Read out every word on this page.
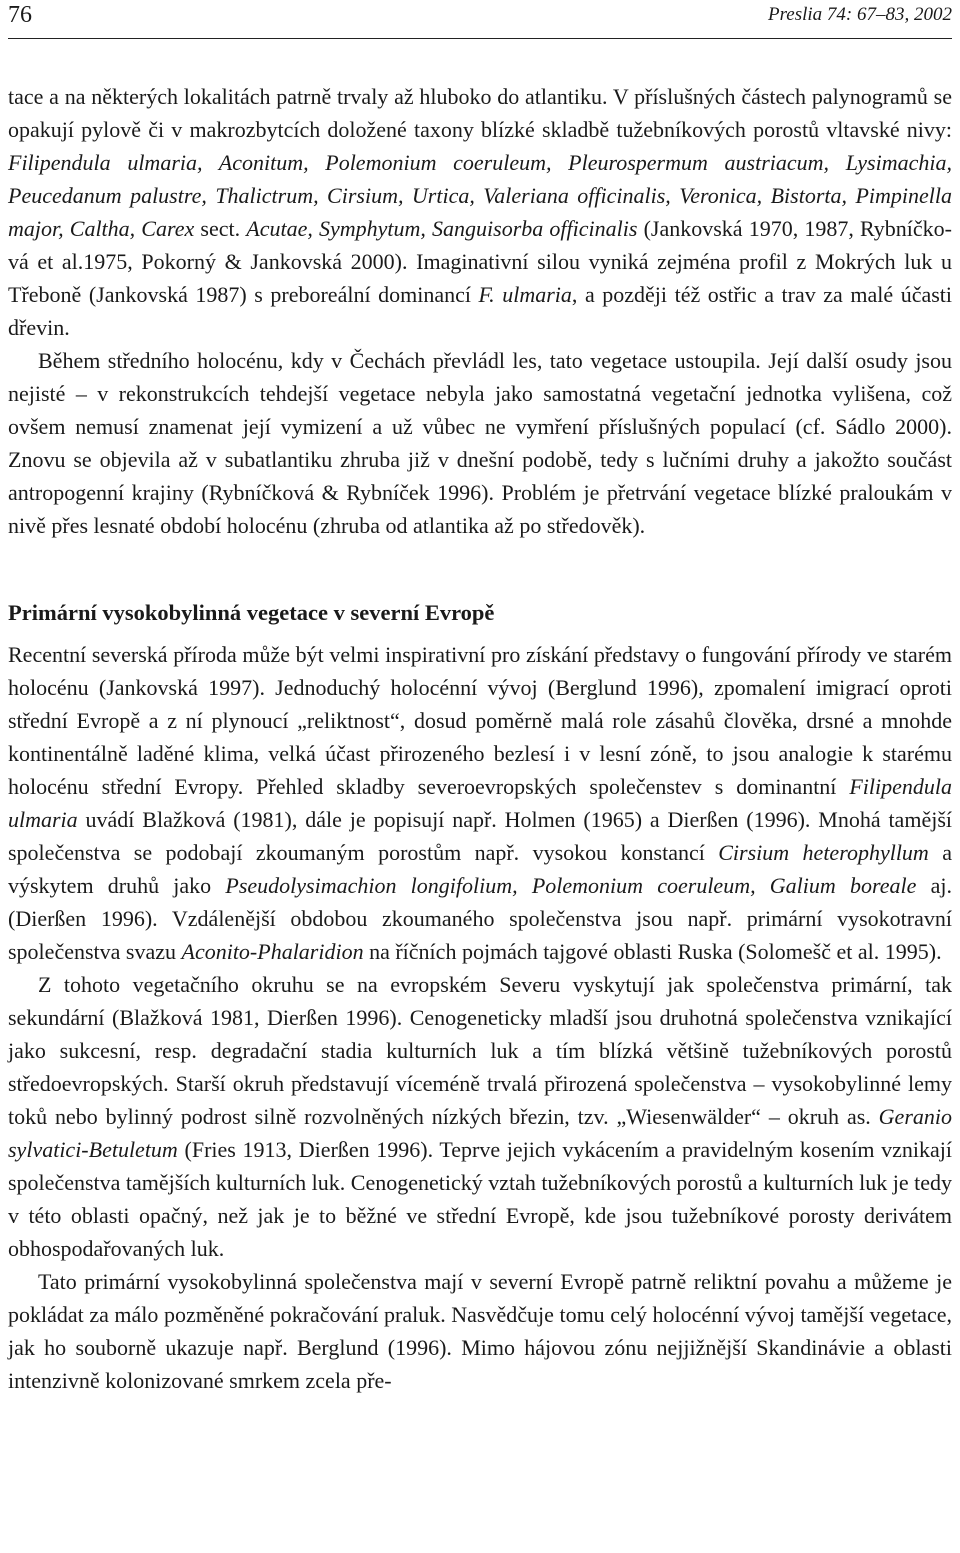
76	Preslia 74: 67–83, 2002

tace a na některých lokalitách patrně trvaly až hluboko do atlantiku. V příslušných částech palynogramů se opakují pylově či v makrozbytcích doložené taxony blízké skladbě tužebníkových porostů vltavské nivy: Filipendula ulmaria, Aconitum, Polemonium coeruleum, Pleurospermum austriacum, Lysimachia, Peucedanum palustre, Thalictrum, Cirsium, Urtica, Valeriana officinalis, Veronica, Bistorta, Pimpinella major, Caltha, Carex sect. Acutae, Symphytum, Sanguisorba officinalis (Jankovská 1970, 1987, Rybníčková et al.1975, Pokorný & Jankovská 2000). Imaginativní silou vyniká zejména profil z Mokrých luk u Třeboně (Jankovská 1987) s preboreální dominancí F. ulmaria, a později též ostřic a trav za malé účasti dřevin.

Během středního holocénu, kdy v Čechách převládl les, tato vegetace ustoupila. Její další osudy jsou nejisté – v rekonstrukcích tehdejší vegetace nebyla jako samostatná vegetační jednotka vylišena, což ovšem nemusí znamenat její vymizení a už vůbec ne vymření příslušných populací (cf. Sádlo 2000). Znovu se objevila až v subatlantiku zhruba již v dnešní podobě, tedy s lučními druhy a jakožto součást antropogenní krajiny (Rybníčková & Rybníček 1996). Problém je přetrvání vegetace blízké praloukám v nivě přes lesnaté období holocénu (zhruba od atlantika až po středověk).

Primární vysokobylinná vegetace v severní Evropě

Recentní severská příroda může být velmi inspirativní pro získání představy o fungování přírody ve starém holocénu (Jankovská 1997). Jednoduchý holocénní vývoj (Berglund 1996), zpomalení imigrací oproti střední Evropě a z ní plynoucí „reliktnost“, dosud poměrně malá role zásahů člověka, drsné a mnohde kontinentálně laděné klima, velká účast přirozeného bezlesí i v lesní zóně, to jsou analogie k starému holocénu střední Evropy. Přehled skladby severoevropských společenstev s dominantní Filipendula ulmaria uvádí Blažková (1981), dále je popisují např. Holmen (1965) a Dierßen (1996). Mnohá tamější společenstva se podobají zkoumaným porostům např. vysokou konstancí Cirsium heterophyllum a výskytem druhů jako Pseudolysimachion longifolium, Polemonium coeruleum, Galium boreale aj. (Dierßen 1996). Vzdálenější obdobou zkoumaného společenstva jsou např. primární vysokotravní společenstva svazu Aconito-Phalaridion na říčních pojmách tajgové oblasti Ruska (Solomešč et al. 1995).

Z tohoto vegetačního okruhu se na evropském Severu vyskytují jak společenstva primární, tak sekundární (Blažková 1981, Dierßen 1996). Cenogeneticky mladší jsou druhotná společenstva vznikající jako sukcesní, resp. degradační stadia kulturních luk a tím blízká většině tužebníkových porostů středoevropských. Starší okruh představují víceméně trvalá přirozená společenstva – vysokobylinné lemy toků nebo bylinný podrost silně rozvolněných nízkých březin, tzv. „Wiesenwälder“ – okruh as. Geranio sylvatici-Betuletum (Fries 1913, Dierßen 1996). Teprve jejich vykácením a pravidelným kosením vznikají společenstva tamějších kulturních luk. Cenogenetický vztah tužebníkových porostů a kulturních luk je tedy v této oblasti opačný, než jak je to běžné ve střední Evropě, kde jsou tužebníkové porosty derivátem obhospodařovaných luk.

Tato primární vysokobylinná společenstva mají v severní Evropě patrně reliktní povahu a můžeme je pokládat za málo pozměněné pokračování praluk. Nasvědčuje tomu celý holocénní vývoj tamější vegetace, jak ho souborně ukazuje např. Berglund (1996). Mimo hájovou zónu nejjižnější Skandinávie a oblasti intenzivně kolonizované smrkem zcela pře-
